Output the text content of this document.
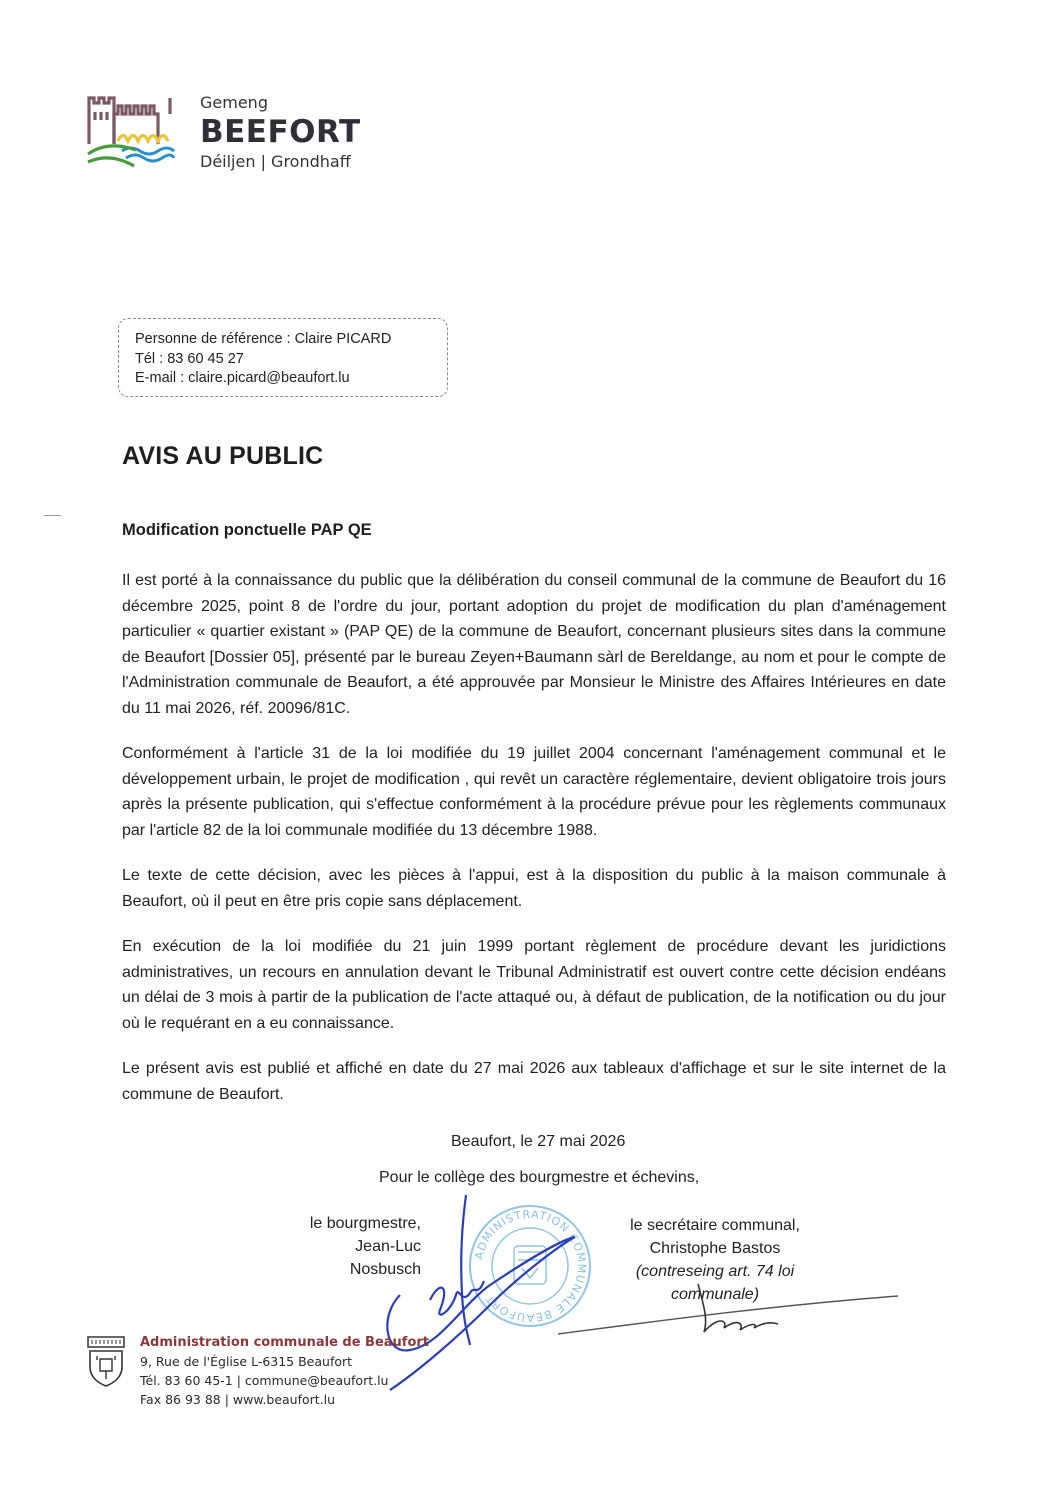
Gemeng
BEEFORT
Déiljen | Grondhaff
Personne de référence : Claire PICARD
Tél : 83 60 45 27
E-mail : claire.picard@beaufort.lu
AVIS AU PUBLIC
Modification ponctuelle PAP QE

Il est porté à la connaissance du public que la délibération du conseil communal de la commune de Beaufort du 16 décembre 2025, point 8 de l'ordre du jour, portant adoption du projet de modification du plan d'aménagement particulier « quartier existant » (PAP QE) de la commune de Beaufort, concernant plusieurs sites dans la commune de Beaufort [Dossier 05], présenté par le bureau Zeyen+Baumann sàrl de Bereldange, au nom et pour le compte de l'Administration communale de Beaufort, a été approuvée par Monsieur le Ministre des Affaires Intérieures en date du 11 mai 2026, réf. 20096/81C.

Conformément à l'article 31 de la loi modifiée du 19 juillet 2004 concernant l'aménagement communal et le développement urbain, le projet de modification , qui revêt un caractère réglementaire, devient obligatoire trois jours après la présente publication, qui s'effectue conformément à la procédure prévue pour les règlements communaux par l'article 82 de la loi communale modifiée du 13 décembre 1988.

Le texte de cette décision, avec les pièces à l'appui, est à la disposition du public à la maison communale à Beaufort, où il peut en être pris copie sans déplacement.

En exécution de la loi modifiée du 21 juin 1999 portant règlement de procédure devant les juridictions administratives, un recours en annulation devant le Tribunal Administratif est ouvert contre cette décision endéans un délai de 3 mois à partir de la publication de l'acte attaqué ou, à défaut de publication, de la notification ou du jour où le requérant en a eu connaissance.

Le présent avis est publié et affiché en date du 27 mai 2026 aux tableaux d'affichage et sur le site internet de la commune de Beaufort.

Beaufort, le 27 mai 2026
Pour le collège des bourgmestre et échevins,
le bourgmestre,
Jean-Luc Nosbusch
le secrétaire communal,
Christophe Bastos
(contreseing art. 74 loi communale)
ADMINISTRATION COMMUNALE BEAUFORT
Administration communale de Beaufort
9, Rue de l'Église L-6315 Beaufort
Tél. 83 60 45-1 | commune@beaufort.lu
Fax 86 93 88 | www.beaufort.lu
